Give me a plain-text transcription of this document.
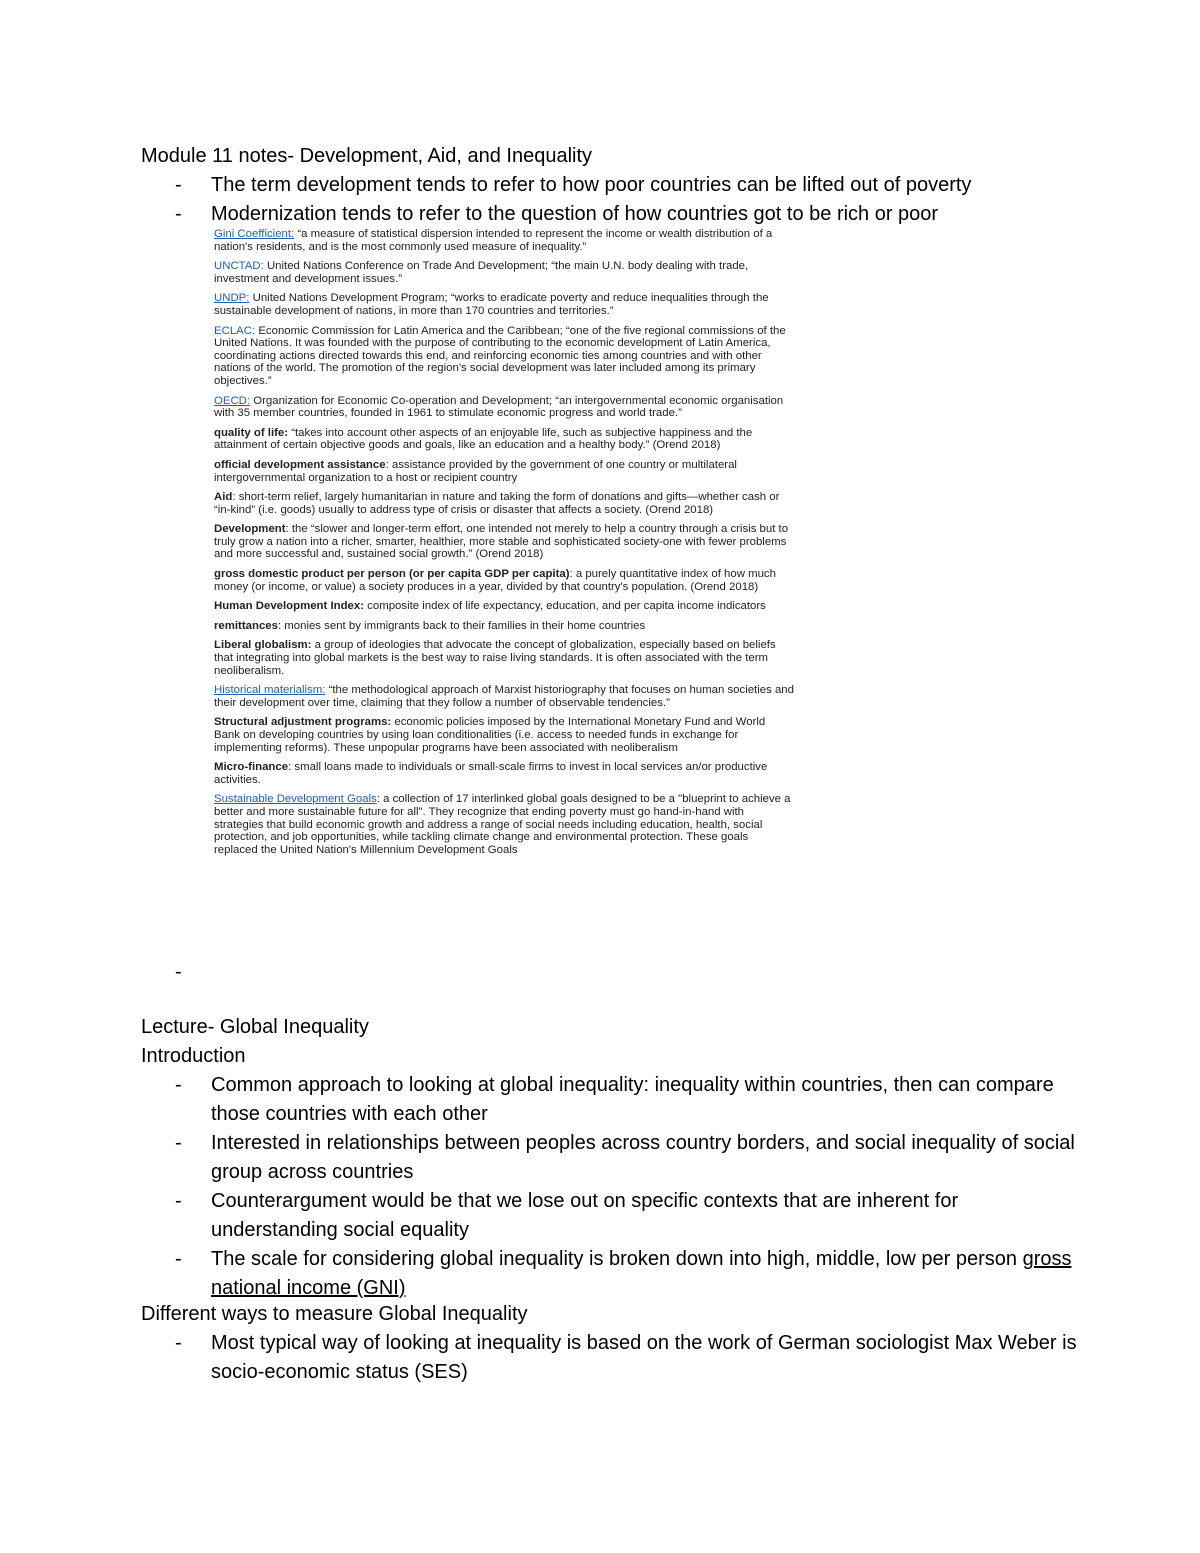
Module 11 notes- Development, Aid, and Inequality
- The term development tends to refer to how poor countries can be lifted out of poverty
- Modernization tends to refer to the question of how countries got to be rich or poor

Gini Coefficient: “a measure of statistical dispersion intended to represent the income or wealth distribution of a nation's residents, and is the most commonly used measure of inequality.”

UNCTAD: United Nations Conference on Trade And Development; “the main U.N. body dealing with trade, investment and development issues.”

UNDP: United Nations Development Program; “works to eradicate poverty and reduce inequalities through the sustainable development of nations, in more than 170 countries and territories.”

ECLAC: Economic Commission for Latin America and the Caribbean; “one of the five regional commissions of the United Nations. It was founded with the purpose of contributing to the economic development of Latin America, coordinating actions directed towards this end, and reinforcing economic ties among countries and with other nations of the world. The promotion of the region's social development was later included among its primary objectives.”

OECD: Organization for Economic Co-operation and Development; “an intergovernmental economic organisation with 35 member countries, founded in 1961 to stimulate economic progress and world trade.”

quality of life: “takes into account other aspects of an enjoyable life, such as subjective happiness and the attainment of certain objective goods and goals, like an education and a healthy body.” (Orend 2018)

official development assistance: assistance provided by the government of one country or multilateral intergovernmental organization to a host or recipient country

Aid: short-term relief, largely humanitarian in nature and taking the form of donations and gifts—whether cash or “in-kind” (i.e. goods) usually to address type of crisis or disaster that affects a society. (Orend 2018)

Development: the “slower and longer-term effort, one intended not merely to help a country through a crisis but to truly grow a nation into a richer, smarter, healthier, more stable and sophisticated society-one with fewer problems and more successful and, sustained social growth.” (Orend 2018)

gross domestic product per person (or per capita GDP per capita): a purely quantitative index of how much money (or income, or value) a society produces in a year, divided by that country's population. (Orend 2018)

Human Development Index: composite index of life expectancy, education, and per capita income indicators

remittances: monies sent by immigrants back to their families in their home countries

Liberal globalism: a group of ideologies that advocate the concept of globalization, especially based on beliefs that integrating into global markets is the best way to raise living standards. It is often associated with the term neoliberalism.

Historical materialism: “the methodological approach of Marxist historiography that focuses on human societies and their development over time, claiming that they follow a number of observable tendencies.”

Structural adjustment programs: economic policies imposed by the International Monetary Fund and World Bank on developing countries by using loan conditionalities (i.e. access to needed funds in exchange for implementing reforms). These unpopular programs have been associated with neoliberalism

Micro-finance: small loans made to individuals or small-scale firms to invest in local services an/or productive activities.

Sustainable Development Goals: a collection of 17 interlinked global goals designed to be a "blueprint to achieve a better and more sustainable future for all". They recognize that ending poverty must go hand-in-hand with strategies that build economic growth and address a range of social needs including education, health, social protection, and job opportunities, while tackling climate change and environmental protection. These goals replaced the United Nation's Millennium Development Goals

-
Lecture- Global Inequality
Introduction
- Common approach to looking at global inequality: inequality within countries, then can compare those countries with each other
- Interested in relationships between peoples across country borders, and social inequality of social group across countries
- Counterargument would be that we lose out on specific contexts that are inherent for understanding social equality
- The scale for considering global inequality is broken down into high, middle, low per person gross national income (GNI)
Different ways to measure Global Inequality
- Most typical way of looking at inequality is based on the work of German sociologist Max Weber is socio-economic status (SES)
